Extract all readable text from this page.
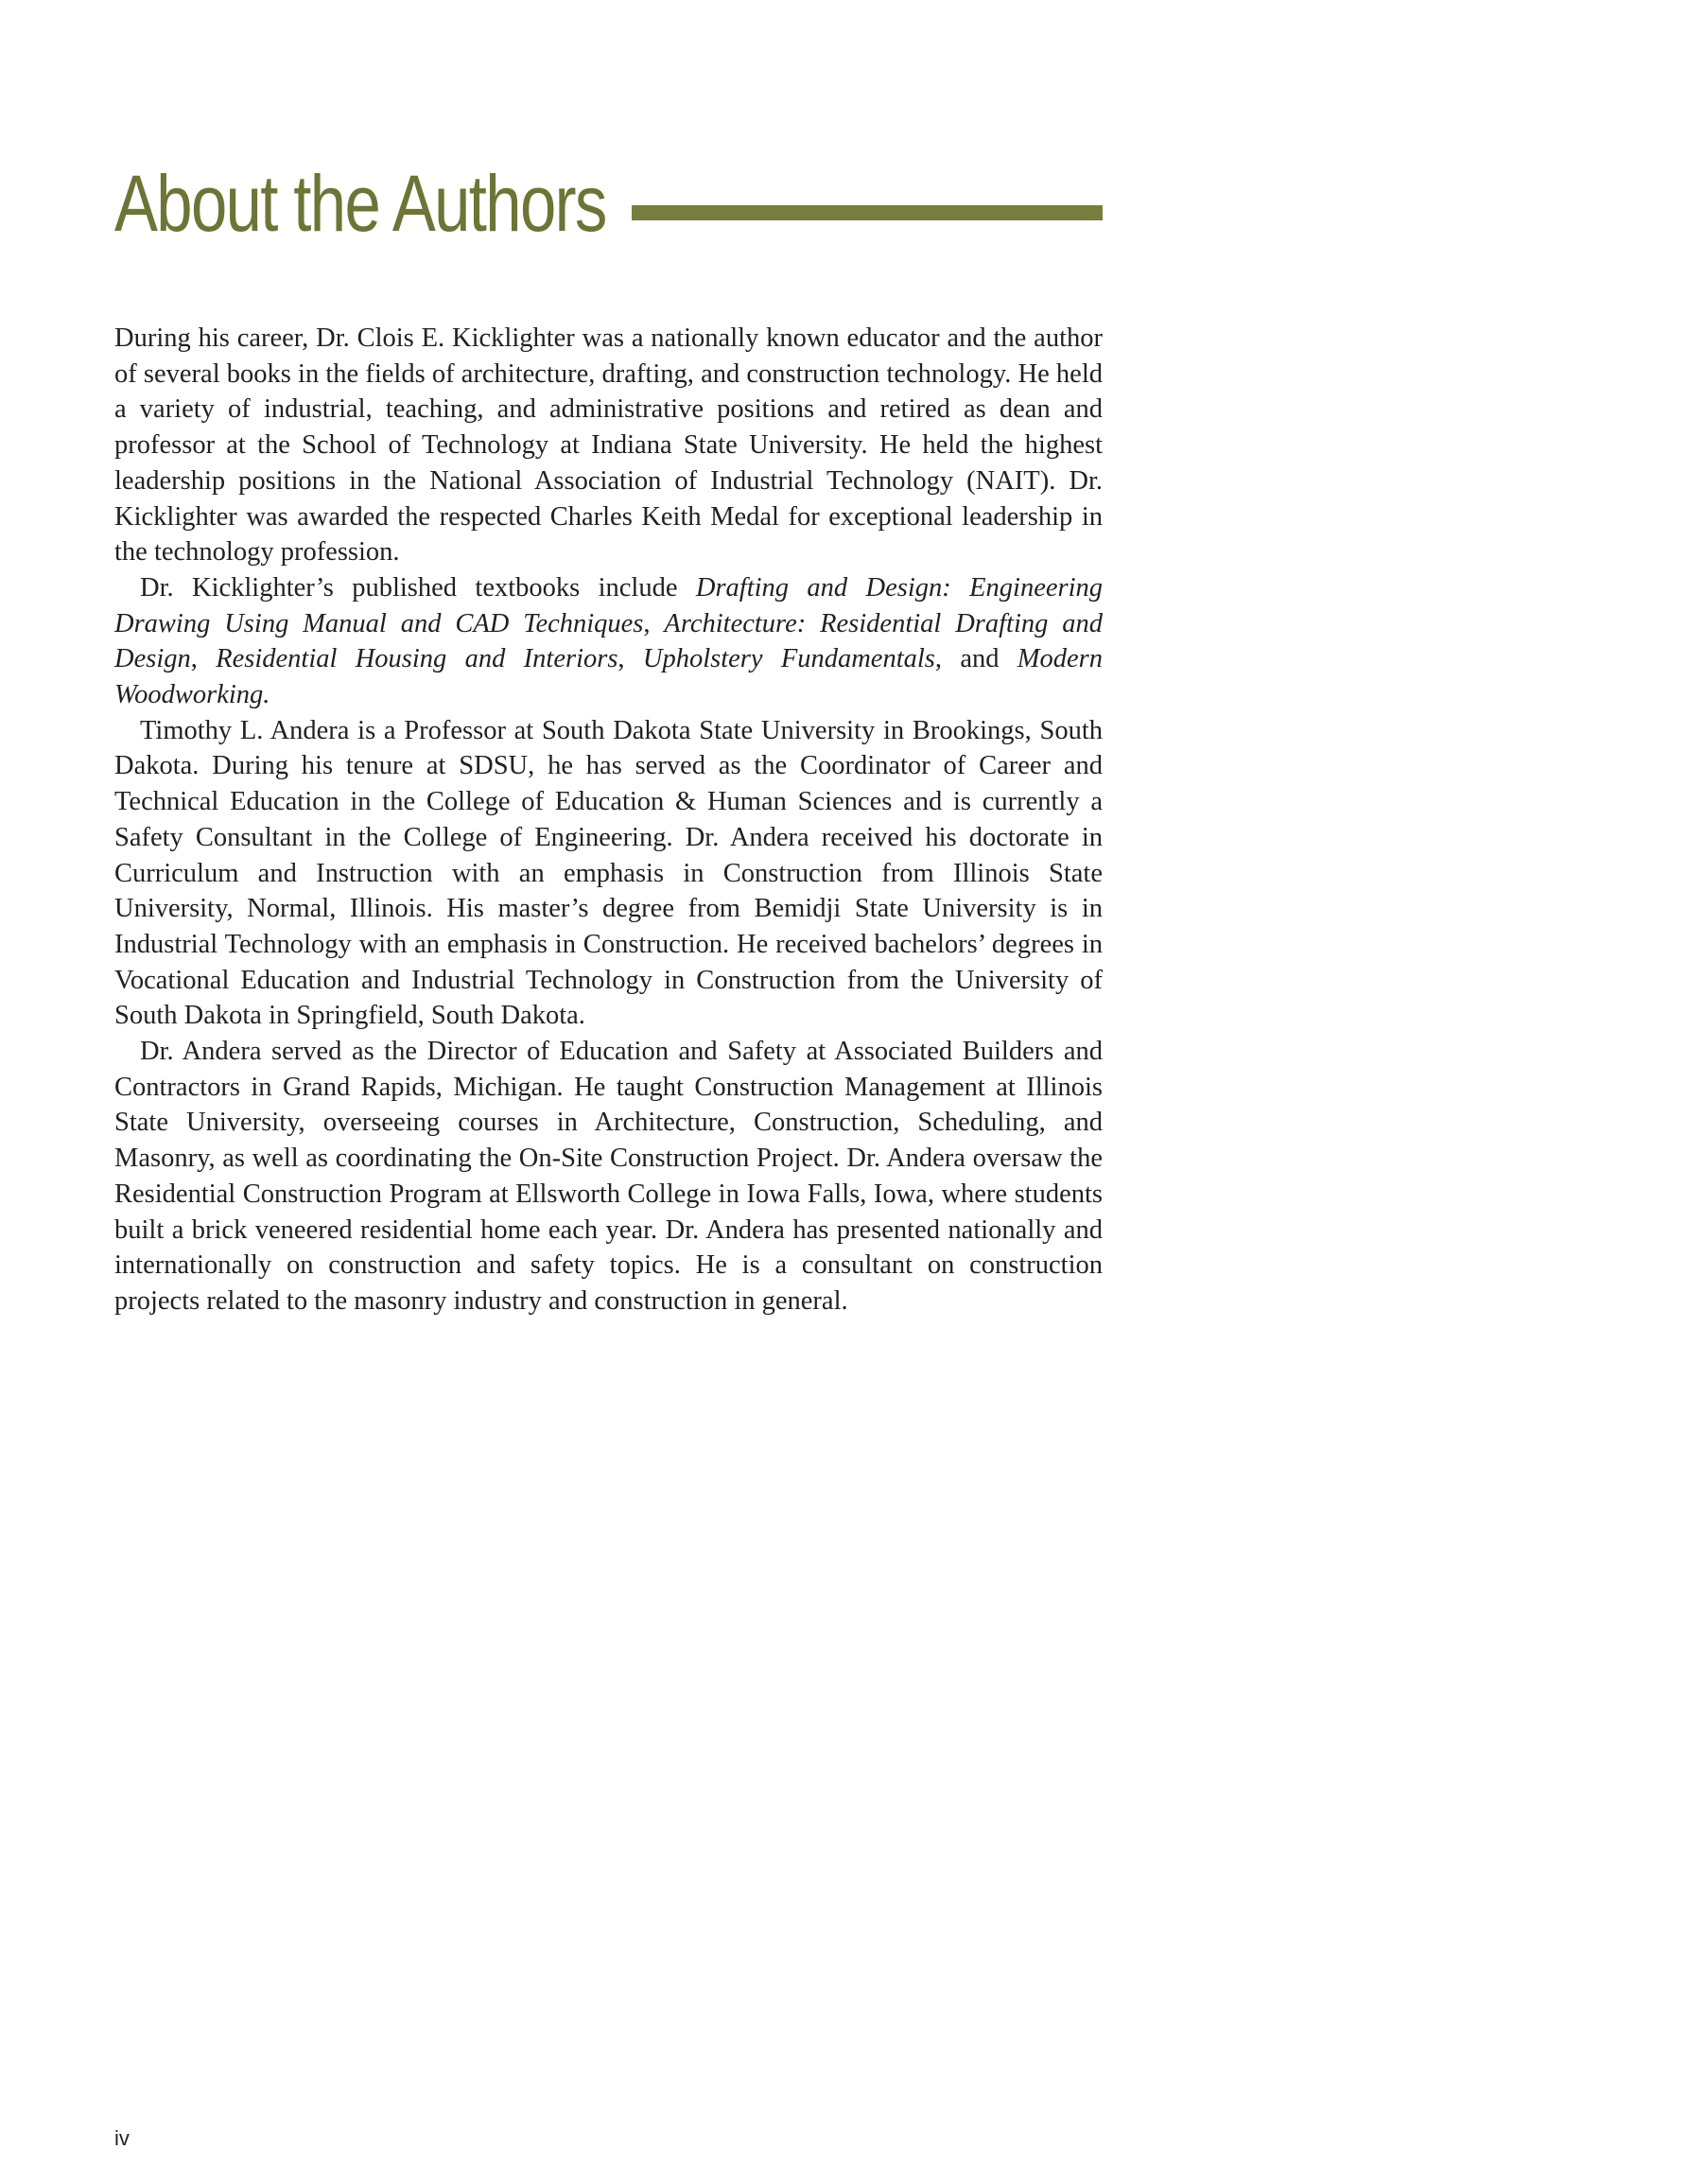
About the Authors

During his career, Dr. Clois E. Kicklighter was a nationally known educator and the author of several books in the fields of architecture, drafting, and construction technology. He held a variety of industrial, teaching, and administrative positions and retired as dean and professor at the School of Technology at Indiana State University. He held the highest leadership positions in the National Association of Industrial Technology (NAIT). Dr. Kicklighter was awarded the respected Charles Keith Medal for exceptional leadership in the technology profession.

Dr. Kicklighter’s published textbooks include Drafting and Design: Engineering Drawing Using Manual and CAD Techniques, Architecture: Residential Drafting and Design, Residential Housing and Interiors, Upholstery Fundamentals, and Modern Woodworking.

Timothy L. Andera is a Professor at South Dakota State University in Brookings, South Dakota. During his tenure at SDSU, he has served as the Coordinator of Career and Technical Education in the College of Education & Human Sciences and is currently a Safety Consultant in the College of Engineering. Dr. Andera received his doctorate in Curriculum and Instruction with an emphasis in Construction from Illinois State University, Normal, Illinois. His master’s degree from Bemidji State University is in Industrial Technology with an emphasis in Construction. He received bachelors’ degrees in Vocational Education and Industrial Technology in Construction from the University of South Dakota in Springfield, South Dakota.

Dr. Andera served as the Director of Education and Safety at Associated Builders and Contractors in Grand Rapids, Michigan. He taught Construction Management at Illinois State University, overseeing courses in Architecture, Construction, Scheduling, and Masonry, as well as coordinating the On-Site Construction Project. Dr. Andera oversaw the Residential Construction Program at Ellsworth College in Iowa Falls, Iowa, where students built a brick veneered residential home each year. Dr. Andera has presented nationally and internationally on construction and safety topics. He is a consultant on construction projects related to the masonry industry and construction in general.

iv
